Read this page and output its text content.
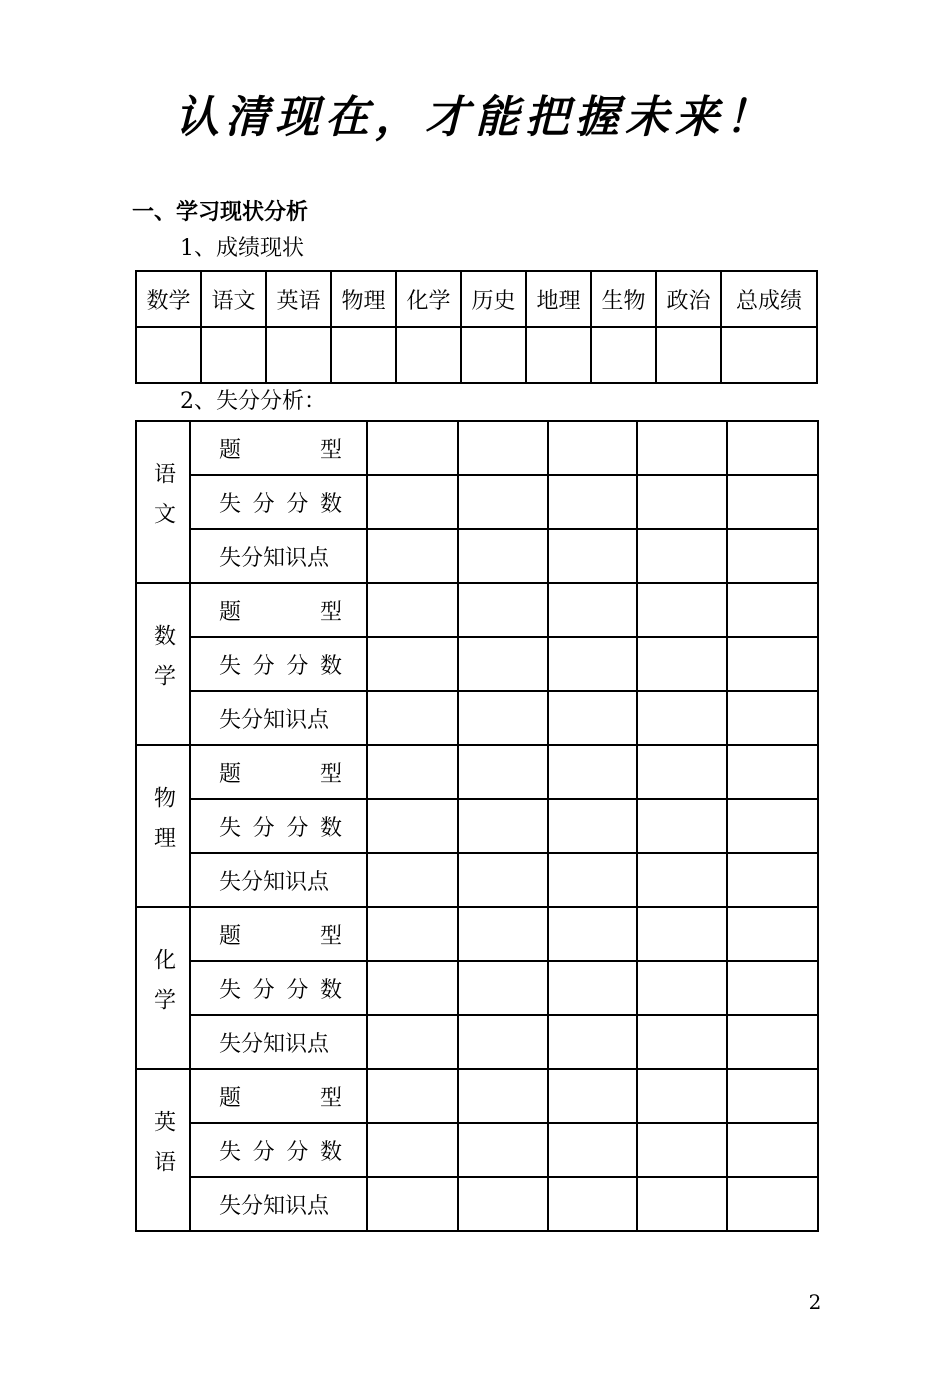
认清现在，才能把握未来！
一、学习现状分析
1、成绩现状
数学	语文	英语	物理	化学	历史	地理	生物	政治	总成绩

2、失分分析：
语文	题　　型					
	失 分 分 数					
	失分知识点					
数学	题　　型					
	失 分 分 数					
	失分知识点					
物理	题　　型					
	失 分 分 数					
	失分知识点					
化学	题　　型					
	失 分 分 数					
	失分知识点					
英语	题　　型					
	失 分 分 数					
	失分知识点					
2
